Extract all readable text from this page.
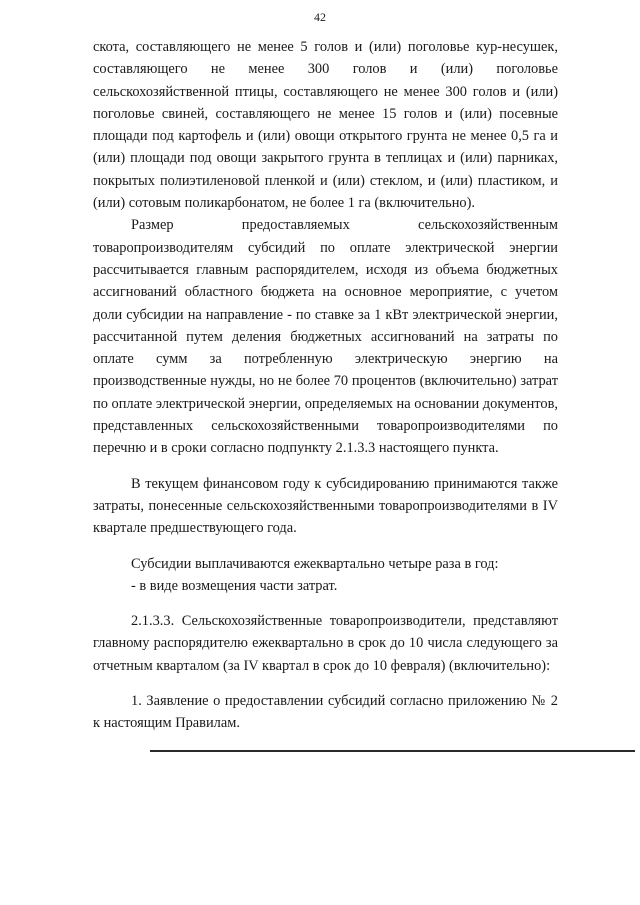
42

скота, составляющего не менее 5 голов и (или) поголовье кур-несушек, составляющего не менее 300 голов и (или) поголовье сельскохозяйственной птицы, составляющего не менее 300 голов и (или) поголовье свиней, составляющего не менее 15 голов и (или) посевные площади под картофель и (или) овощи открытого грунта не менее 0,5 га и (или) площади под овощи закрытого грунта в теплицах и (или) парниках, покрытых полиэтиленовой пленкой и (или) стеклом, и (или) пластиком, и (или) сотовым поликарбонатом, не более 1 га (включительно).

Размер предоставляемых сельскохозяйственным товаропроизводителям субсидий по оплате электрической энергии рассчитывается главным распорядителем, исходя из объема бюджетных ассигнований областного бюджета на основное мероприятие, с учетом доли субсидии на направление - по ставке за 1 кВт электрической энергии, рассчитанной путем деления бюджетных ассигнований на затраты по оплате сумм за потребленную электрическую энергию на производственные нужды, но не более 70 процентов (включительно) затрат по оплате электрической энергии, определяемых на основании документов, представленных сельскохозяйственными товаропроизводителями по перечню и в сроки согласно подпункту 2.1.3.3 настоящего пункта.

В текущем финансовом году к субсидированию принимаются также затраты, понесенные сельскохозяйственными товаропроизводителями в IV квартале предшествующего года.

Субсидии выплачиваются ежеквартально четыре раза в год:

- в виде возмещения части затрат.

2.1.3.3. Сельскохозяйственные товаропроизводители, представляют главному распорядителю ежеквартально в срок до 10 числа следующего за отчетным кварталом (за IV квартал в срок до 10 февраля) (включительно):

1. Заявление о предоставлении субсидий согласно приложению № 2 к настоящим Правилам.
